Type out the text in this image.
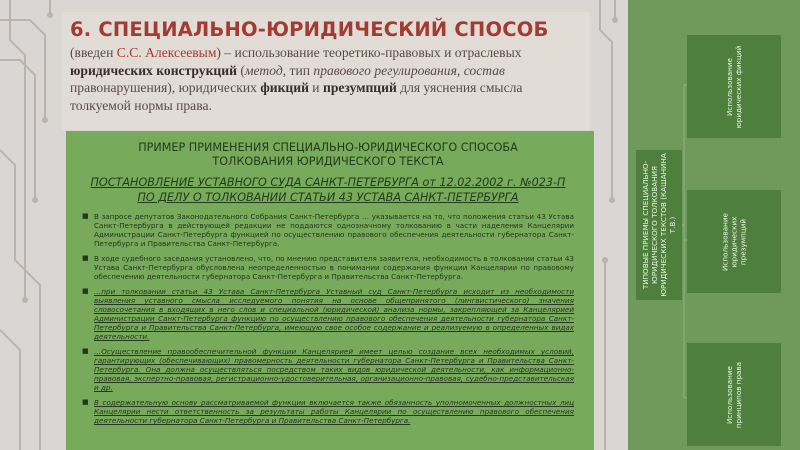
6. СПЕЦИАЛЬНО-ЮРИДИЧЕСКИЙ СПОСОБ
(введен С.С. Алексеевым) – использование теоретико-правовых и отраслевых юридических конструкций (метод, тип правового регулирования, состав правонарушения), юридических фикций и презумпций для уяснения смысла толкуемой нормы права.
ПРИМЕР ПРИМЕНЕНИЯ СПЕЦИАЛЬНО-ЮРИДИЧЕСКОГО СПОСОБА ТОЛКОВАНИЯ ЮРИДИЧЕСКОГО ТЕКСТА
ПОСТАНОВЛЕНИЕ УСТАВНОГО СУДА САНКТ-ПЕТЕРБУРГА от 12.02.2002 г. №023-П ПО ДЕЛУ О ТОЛКОВАНИИ СТАТЬИ 43 УСТАВА САНКТ-ПЕТЕРБУРГА
■ В запросе депутатов Законодательного Собрания Санкт-Петербурга … указывается на то, что положения статьи 43 Устава Санкт-Петербурга в действующей редакции не поддаются однозначному толкованию в части наделения Канцелярии Администрации Санкт-Петербурга функцией по осуществлению правового обеспечения деятельности губернатора Санкт-Петербурга и Правительства Санкт-Петербурга.
■ В ходе судебного заседания установлено, что, по мнению представителя заявителя, необходимость в толковании статьи 43 Устава Санкт-Петербурга обусловлена неопределенностью в понимании содержания функции Канцелярии по правовому обеспечению деятельности губернатора Санкт-Петербурга и Правительства Санкт-Петербурга.
■ …при толковании статьи 43 Устава Санкт-Петербурга Уставный суд Санкт-Петербурга исходит из необходимости выявления уставного смысла исследуемого понятия на основе общепринятого (лингвистического) значения словосочетания в входящих в него слов и специальной (юридической) анализа нормы, закрепляющей за Канцелярией Администрации Санкт-Петербурга функцию по осуществлению правового обеспечения деятельности губернатора Санкт-Петербурга и Правительства Санкт-Петербурга, имеющую свое особое содержание и реализуемую в определенных видах деятельности.
■ …Осуществление правообеспечительной функции Канцелярией имеет целью создание всех необходимых условий, гарантирующих (обеспечивающих) правомерность деятельности губернатора Санкт-Петербурга и Правительства Санкт-Петербурга. Она должна осуществляться посредством таких видов юридической деятельности, как информационно-правовая, экспертно-правовая, регистрационно-удостоверительная, организационно-правовая, судебно-представительская и др.
■ В содержательную основу рассматриваемой функции включается также обязанность уполномоченных должностных лиц Канцелярии нести ответственность за результаты работы Канцелярии по осуществлению правового обеспечения деятельности губернатора Санкт-Петербурга и Правительства Санкт-Петербурга.
ТИПОВЫЕ ПРИЕМЫ СПЕЦИАЛЬНО-ЮРИДИЧЕСКОГО ТОЛКОВАНИЯ ЮРИДИЧЕСКИХ ТЕКСТОВ (КАШАНИНА Т.В.)
Использование юридических фикций
Использование юридических презумпций
Использование принципов права
